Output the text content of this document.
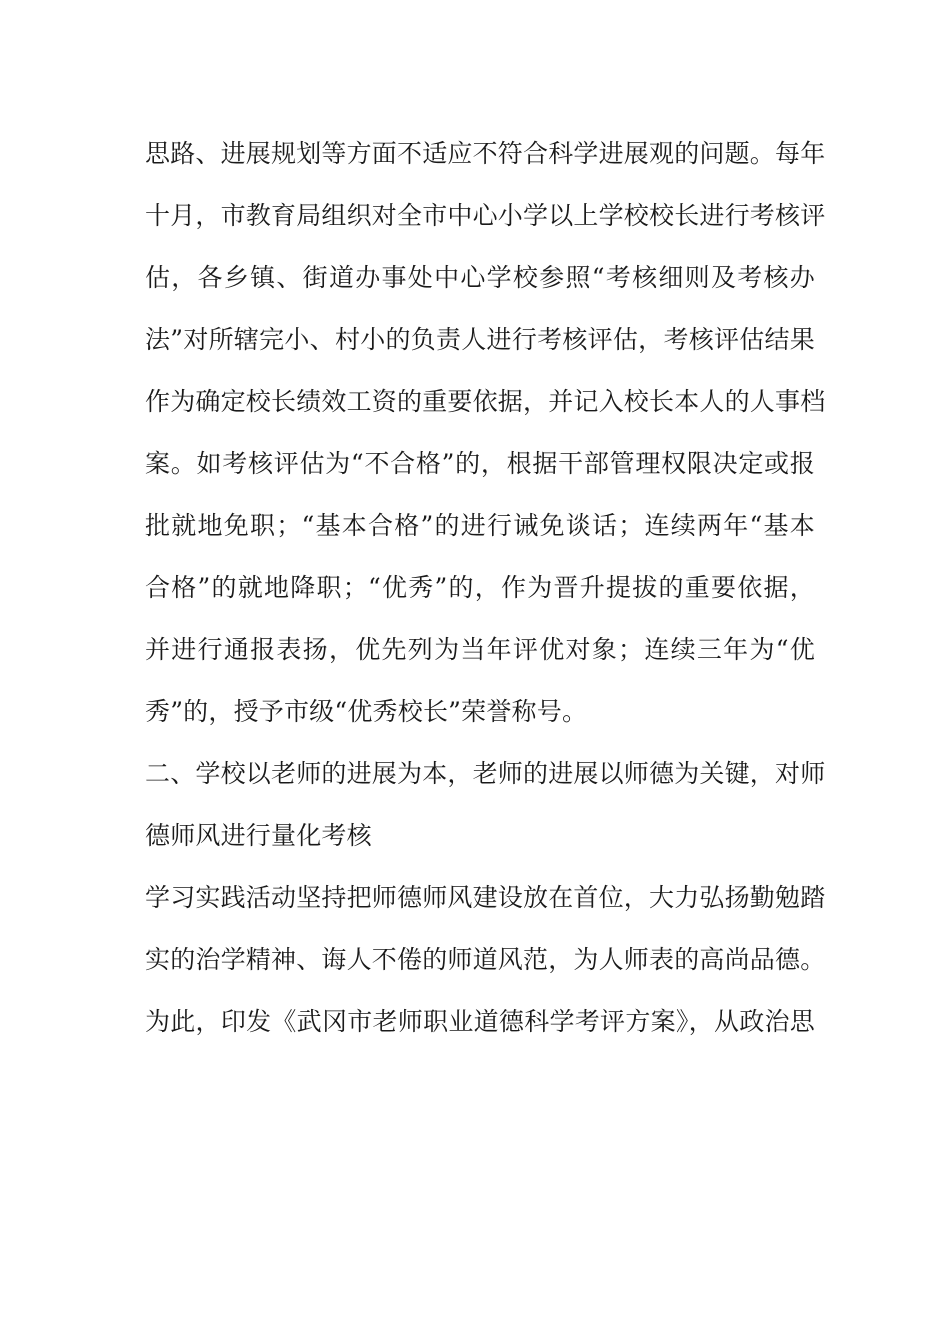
思路、进展规划等方面不适应不符合科学进展观的问题。每年
十月，市教育局组织对全市中心小学以上学校校长进行考核评
估，各乡镇、街道办事处中心学校参照“考核细则及考核办
法”对所辖完小、村小的负责人进行考核评估，考核评估结果
作为确定校长绩效工资的重要依据，并记入校长本人的人事档
案。如考核评估为“不合格”的，根据干部管理权限决定或报
批就地免职；“基本合格”的进行诫免谈话；连续两年“基本
合格”的就地降职；“优秀”的，作为晋升提拔的重要依据，
并进行通报表扬，优先列为当年评优对象；连续三年为“优
秀”的，授予市级“优秀校长”荣誉称号。
二、学校以老师的进展为本，老师的进展以师德为关键，对师
德师风进行量化考核
学习实践活动坚持把师德师风建设放在首位，大力弘扬勤勉踏
实的治学精神、诲人不倦的师道风范，为人师表的高尚品德。
为此，印发《武冈市老师职业道德科学考评方案》，从政治思
